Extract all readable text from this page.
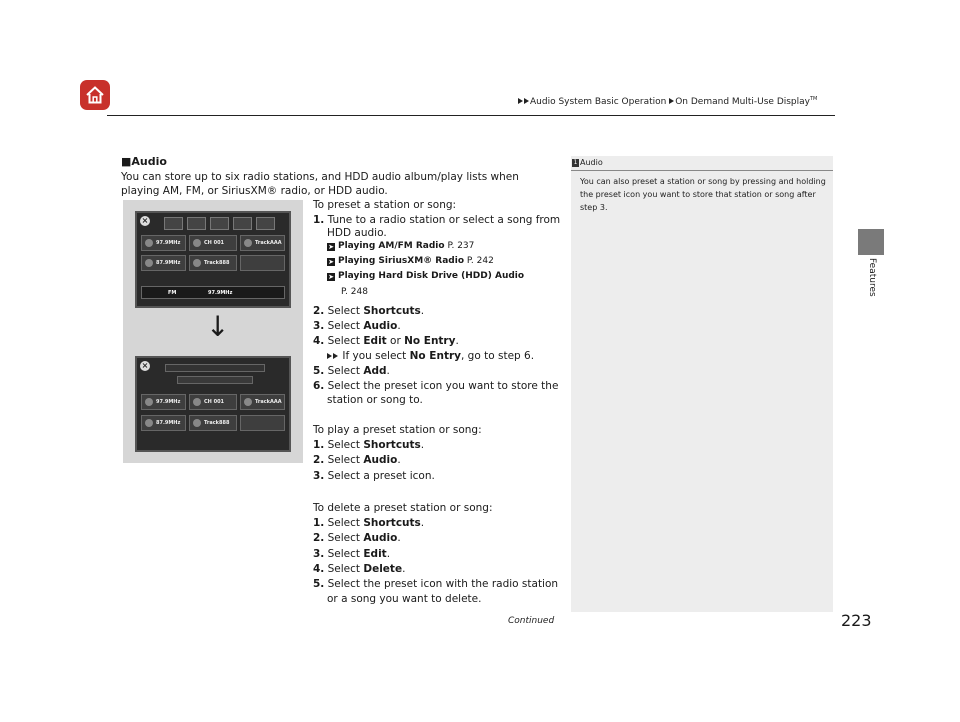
Audio System Basic Operation On Demand Multi-Use Display™
Features
■Audio
You can store up to six radio stations, and HDD audio album/play lists when playing AM, FM, or SiriusXM® radio, or HDD audio.
×
97.9MHz	CH 001	TrackAAA
87.9MHz	Track888
FM	97.9MHz
↓
×
97.9MHz	CH 001	TrackAAA
87.9MHz	Track888
To preset a station or song:
1. Tune to a radio station or select a song from
HDD audio.
➤ Playing AM/FM Radio P. 237
➤ Playing SiriusXM® Radio P. 242
➤ Playing Hard Disk Drive (HDD) Audio
P. 248
2. Select Shortcuts.
3. Select Audio.
4. Select Edit or No Entry.
If you select No Entry, go to step 6.
5. Select Add.
6. Select the preset icon you want to store the
station or song to.
To play a preset station or song:
1. Select Shortcuts.
2. Select Audio.
3. Select a preset icon.
To delete a preset station or song:
1. Select Shortcuts.
2. Select Audio.
3. Select Edit.
4. Select Delete.
5. Select the preset icon with the radio station
or a song you want to delete.
1 Audio
You can also preset a station or song by pressing and holding the preset icon you want to store that station or song after step 3.
Continued	223
